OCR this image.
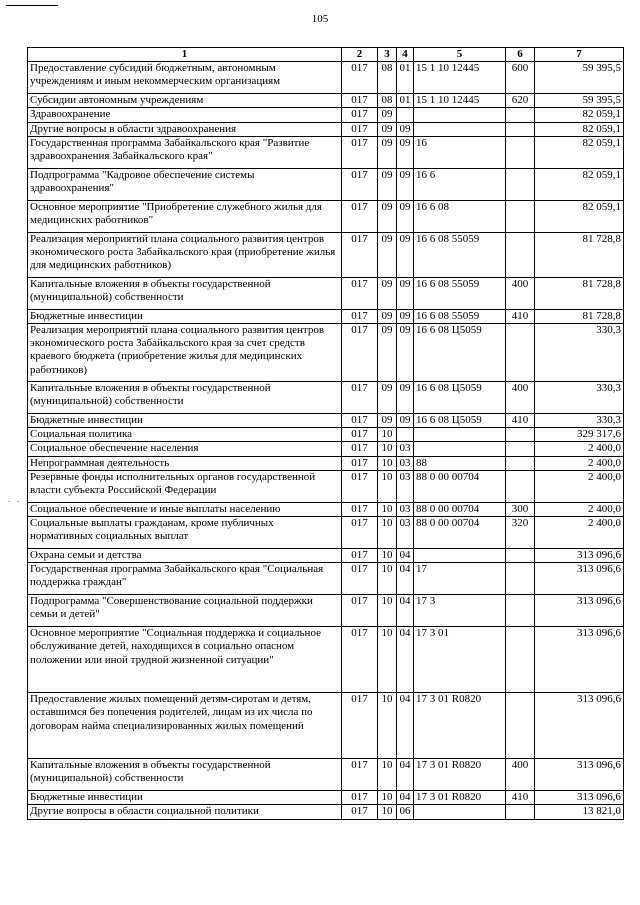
105
. . .
1	2	3	4	5	6	7
Предоставление субсидий бюджетным, автономным учреждениям и иным некоммерческим организациям	017	08	01	15 1 10 12445	600	59 395,5
Субсидии автономным учреждениям	017	08	01	15 1 10 12445	620	59 395,5
Здравоохранение	017	09				82 059,1
Другие вопросы в области здравоохранения	017	09	09			82 059,1
Государственная программа Забайкальского края "Развитие здравоохранения Забайкальского края"	017	09	09	16		82 059,1
Подпрограмма "Кадровое обеспечение системы здравоохранения"	017	09	09	16 6		82 059,1
Основное мероприятие "Приобретение служебного жилья для медицинских работников"	017	09	09	16 6 08		82 059,1
Реализация мероприятий плана социального развития центров экономического роста Забайкальского края (приобретение жилья для медицинских работников)	017	09	09	16 6 08 55059		81 728,8
Капитальные вложения в объекты государственной (муниципальной) собственности	017	09	09	16 6 08 55059	400	81 728,8
Бюджетные инвестиции	017	09	09	16 6 08 55059	410	81 728,8
Реализация мероприятий плана социального развития центров экономического роста Забайкальского края за счет средств краевого бюджета (приобретение жилья для медицинских работников)	017	09	09	16 6 08 Ц5059		330,3
Капитальные вложения в объекты государственной (муниципальной) собственности	017	09	09	16 6 08 Ц5059	400	330,3
Бюджетные инвестиции	017	09	09	16 6 08 Ц5059	410	330,3
Социальная политика	017	10				329 317,6
Социальное обеспечение населения	017	10	03			2 400,0
Непрограммная деятельность	017	10	03	88		2 400,0
Резервные фонды исполнительных органов государственной власти субъекта Российской Федерации	017	10	03	88 0 00 00704		2 400,0
Социальное обеспечение и иные выплаты населению	017	10	03	88 0 00 00704	300	2 400,0
Социальные выплаты гражданам, кроме публичных нормативных социальных выплат	017	10	03	88 0 00 00704	320	2 400,0
Охрана семьи и детства	017	10	04			313 096,6
Государственная программа Забайкальского края "Социальная поддержка граждан"	017	10	04	17		313 096,6
Подпрограмма "Совершенствование социальной поддержки семьи и детей"	017	10	04	17 3		313 096,6
Основное мероприятие "Социальная поддержка и социальное обслуживание детей, находящихся в социально опасном положении или иной трудной жизненной ситуации"	017	10	04	17 3 01		313 096,6
Предоставление жилых помещений детям-сиротам и детям, оставшимся без попечения родителей, лицам из их числа по договорам найма специализированных жилых помещений	017	10	04	17 3 01 R0820		313 096,6
Капитальные вложения в объекты государственной (муниципальной) собственности	017	10	04	17 3 01 R0820	400	313 096,6
Бюджетные инвестиции	017	10	04	17 3 01 R0820	410	313 096,6
Другие вопросы в области социальной политики	017	10	06			13 821,0
